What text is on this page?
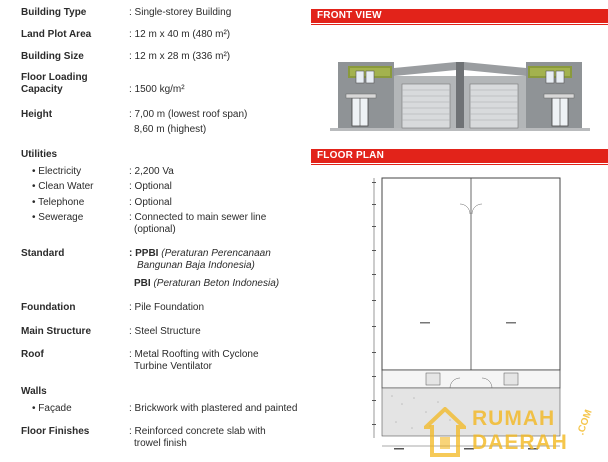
Building Type	: Single-storey Building
Land Plot Area	: 12 m x 40 m (480 m²)
Building Size	: 12 m x 28 m (336 m²)
Floor Loading
Capacity	: 1500 kg/m²
Height	: 7,00 m (lowest roof span)
8,60 m (highest)
Utilities
• Electricity	: 2,200 Va
• Clean Water	: Optional
• Telephone	: Optional
• Sewerage	: Connected to main sewer line
(optional)
Standard	: PPBI (Peraturan Perencanaan
Bangunan Baja Indonesia)
PBI (Peraturan Beton Indonesia)
Foundation	: Pile Foundation
Main Structure	: Steel Structure
Roof	: Metal Roofting with Cyclone
Turbine Ventilator
Walls
• Façade	: Brickwork with plastered and painted
Floor Finishes	: Reinforced concrete slab with
trowel finish
FRONT VIEW
FLOOR PLAN
RUMAH
DAERAH
.COM
